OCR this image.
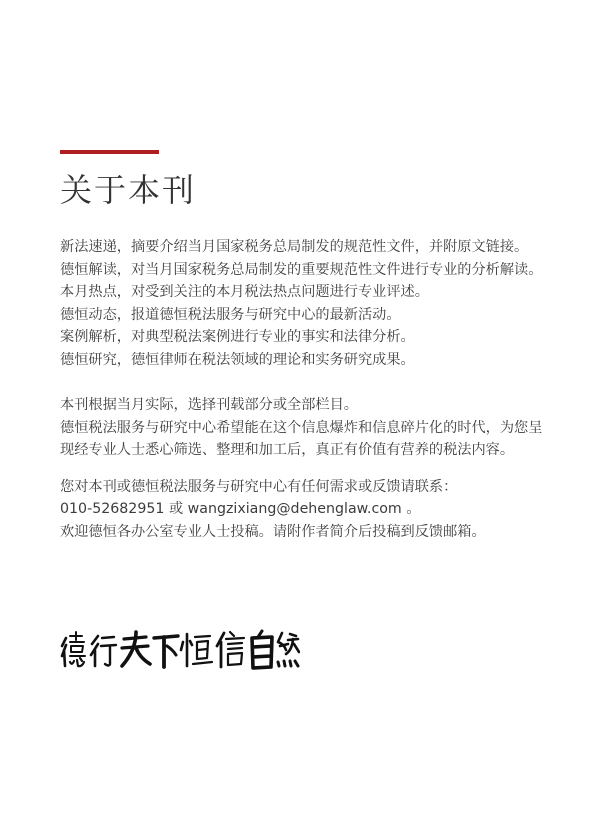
关于本刊

新法速递，摘要介绍当月国家税务总局制发的规范性文件，并附原文链接。

德恒解读，对当月国家税务总局制发的重要规范性文件进行专业的分析解读。

本月热点，对受到关注的本月税法热点问题进行专业评述。

德恒动态，报道德恒税法服务与研究中心的最新活动。

案例解析，对典型税法案例进行专业的事实和法律分析。

德恒研究，德恒律师在税法领域的理论和实务研究成果。

本刊根据当月实际，选择刊载部分或全部栏目。

德恒税法服务与研究中心希望能在这个信息爆炸和信息碎片化的时代，为您呈现经专业人士悉心筛选、整理和加工后，真正有价值有营养的税法内容。

您对本刊或德恒税法服务与研究中心有任何需求或反馈请联系：

010-52682951 或 wangzixiang@dehenglaw.com 。

欢迎德恒各办公室专业人士投稿。请附作者简介后投稿到反馈邮箱。
